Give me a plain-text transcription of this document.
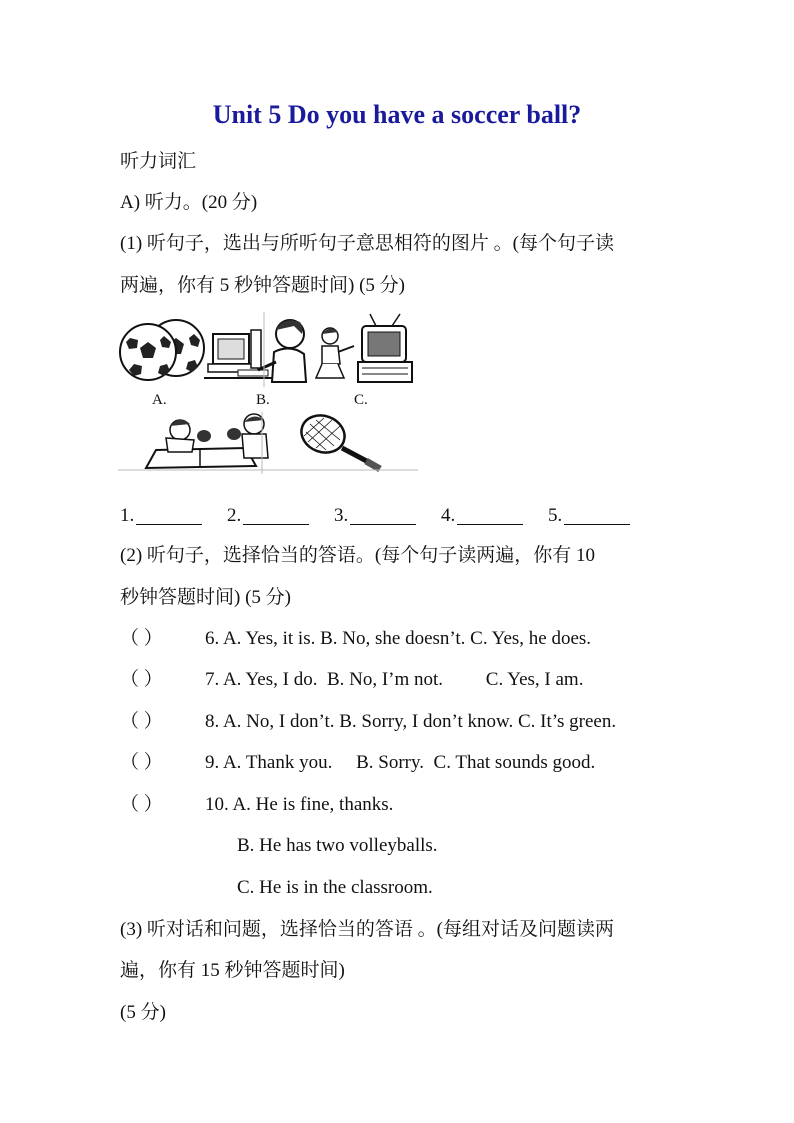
Unit 5 Do you have a soccer ball?
听力词汇
A) 听力。(20 分)
(1) 听句子，选出与所听句子意思相符的图片 。(每个句子读
两遍，你有 5 秒钟答题时间) (5 分)
A.	B.	C.
1.	2.	3.	4.	5.
(2) 听句子，选择恰当的答语。(每个句子读两遍，你有 10
秒钟答题时间) (5 分)
（ ） 6. A. Yes, it is. B. No, she doesn’t. C. Yes, he does.
（ ） 7. A. Yes, I do.  B. No, I’m not.         C. Yes, I am.
（ ） 8. A. No, I don’t. B. Sorry, I don’t know. C. It’s green.
（ ） 9. A. Thank you.     B. Sorry.  C. That sounds good.
（ ） 10. A. He is fine, thanks.
B. He has two volleyballs.
C. He is in the classroom.
(3) 听对话和问题，选择恰当的答语 。(每组对话及问题读两
遍，你有 15 秒钟答题时间)
(5 分)
